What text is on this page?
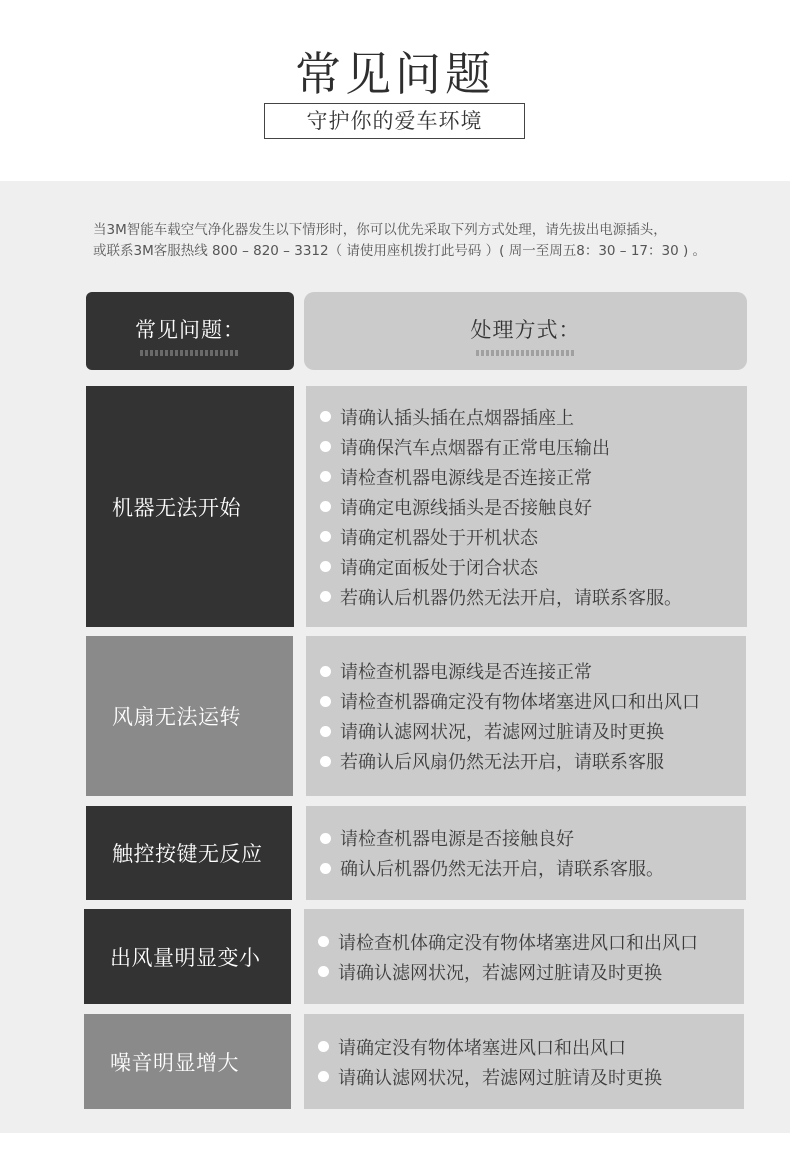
常见问题
守护你的爱车环境

当3M智能车载空气净化器发生以下情形时，你可以优先采取下列方式处理，请先拔出电源插头，

或联系3M客服热线 800 – 820 – 3312（ 请使用座机拨打此号码 ）( 周一至周五8：30 – 17：30 ) 。

常见问题：	处理方式：
机器无法开始
请确认插头插在点烟器插座上
请确保汽车点烟器有正常电压输出
请检查机器电源线是否连接正常
请确定电源线插头是否接触良好
请确定机器处于开机状态
请确定面板处于闭合状态
若确认后机器仍然无法开启，请联系客服。
风扇无法运转
请检查机器电源线是否连接正常
请检查机器确定没有物体堵塞进风口和出风口
请确认滤网状况，若滤网过脏请及时更换
若确认后风扇仍然无法开启，请联系客服
触控按键无反应
请检查机器电源是否接触良好
确认后机器仍然无法开启，请联系客服。
出风量明显变小
请检查机体确定没有物体堵塞进风口和出风口
请确认滤网状况，若滤网过脏请及时更换
噪音明显增大
请确定没有物体堵塞进风口和出风口
请确认滤网状况，若滤网过脏请及时更换
